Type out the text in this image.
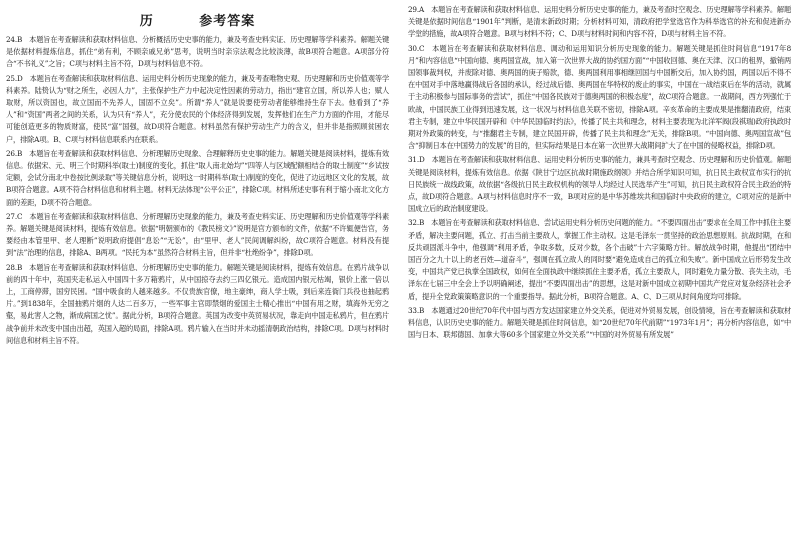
历	参考答案

24.B　本题旨在考查解读和获取材料信息、分析概括历史史事的能力，兼及考查史料实证、历史理解等学科素养。解题关键是依据材料提炼信息，抓住“弟有利，不顾亲戚兄弟”思考，说明当时亲宗法观念比较淡薄，故B项符合题意。A项部分符合“不书礼义”之旨；C项与材料主旨不符，D项与材料信息不符。

25.D　本题旨在考查解读和获取材料信息、运用史料分析历史现象的能力，兼及考查唯物史观、历史理解和历史价值观等学科素养。陆贽认为“财之所生，必因人力”，主张保护生产力中起决定性因素的劳动力，指出“建官立国，所以养人也；赋人取财，所以资国也，故立国而不先养人，国固不立矣”。所谓“养人”就是说要使劳动者能够维持生存下去。他看到了“养人”和“资国”两者之间的关系，认为只有“养人”，充分使农民的个体经济得到发展，发挥他们在生产力方面的作用，才能尽可能创造更多的物质财富，使民“富”国强，故D项符合题意。材料虽然有保护劳动生产力的含义，但并非是指照顾贫困农户，排除A项。B、C项与材料信息联系内在联系。

26.B　本题旨在考查解读和获取材料信息、分析理解历史现象、合理解释历史史事的能力。解题关键是阅读材料，提炼有效信息。依据宋、元、明三个时期科举(取士)制度的变化，抓住“取人南北始均”“四等人与区域配额相结合的取士制度”“乡试按定额，会试分南北中卷按比例录取”等关键信息分析，说明这一时期科举(取士)制度的变化，促进了边远地区文化的发展，故B项符合题意。A项不符合材料信息和材料主题。材料无法体现“公平公正”，排除C项。材料所述史事有利于缩小南北文化方面的差距，D项不符合题意。

27.C　本题旨在考查解读和获取材料信息、分析理解历史现象的能力，兼及考查史料实证、历史理解和历史价值观等学科素养。解题关键是阅读材料，提炼有效信息。依据“明朝颁布的《教民榜文》”说明是官方颁布的文件，依据“不许辄便告官，务要经由本管里甲、老人理断”说明政府提倡“息讼”“无讼”，由“里甲、老人”民间调解纠纷，故C项符合题意。材料没有提到“法”治理的信息，排除A、B两项。“民托为本”虽然符合材料主旨，但并非“杜绝纷争”，排除D项。

28.B　本题旨在考查解读和获取材料信息、分析理解历史史事的能力。解题关键是阅读材料，提炼有效信息。在鸦片战争以前的四十年中，英国夹走私运入中国四十多万箱鸦片，从中国掠夺去约三四亿银元。造成国内银元枯竭，银价上涨一倍以上，工商停滞，国穷民困。“国中吸食的人越来越多。不仅贵族官僚，地主豪绅，商人学士吸，到后来连衙门兵役也抽起鸦片。”到1838年，全国抽鸦片烟的人达二百多万，一些军事主官即禁烟的爱国主士精心推出“中国有用之财，填海外无穷之壑，易此害人之物，渐成病国之忧”。据此分析，B项符合题意。英国为改变中英贸易状况，靠走向中国走私鸦片，但在鸦片战争前并未改变中国由出超，英国入超的局面，排除A项。鸦片输入在当时并未动摇清朝政治结构，排除C项。D项与材料时间信息和材料主旨不符。

29.A　本题旨在考查解读和获取材料信息、运用史料分析历史史事的能力，兼及考查时空观念、历史理解等学科素养。解题关键是依据时间信息“1901年”判断，是清末新政时期；分析材料可知，清政府把学堂选官作为科举选官的补充和促进新办学堂的措施，故A项符合题意。B项与材料不符；C、D项与材料时间和内容不符，D项与材料主旨不符。

30.C　本题旨在考查解读和获取材料信息、调动和运用知识分析历史现象的能力。解题关键是抓住时间信息“1917年8月”和内容信息“中国向德、奥两国宣战，加入第一次世界大战的协约国方面”“中国收回德、奥在天津、汉口的租界，撤销两国领事裁判权，并废除对德、奥两国的庚子赔款，德、奥两国利用事相继回国与中国断交后，加入协约国，两国以后不得不在中国对手中落地赢得战后各国的承认，经过战后德、奥两国在华特权的废止的事实，中国在一战结束后在华的活动，就属于主动积极参与国际事务的尝试”，抓住“中国各民族对于德奥两国的积极态度”，故C项符合题意。一战期间，西方列强忙于欧战，中国民族工业得到迅速发展，这一状况与材料信息关联不密切，排除A项。辛亥革命的主要成果是推翻清政府，结束君主专制，建立中华民国开辟和《中华民国临时约法》，传播了民主共和理念，材料主要表现为北洋军阀(段祺瑞)政府执政时期对外政策的转变，与“推翻君主专制，建立民国开辟，传播了民主共和理念”无关，排除B项。“中国向德、奥两国宣战”包含“抑制日本在中国势力的发展”的目的，但实际结果是日本在第一次世界大战期间扩大了在中国的侵略权益，排除D项。

31.D　本题旨在考查解读和获取材料信息、运用史料分析历史事的能力，兼具考查时空观念、历史理解和历史价值观。解题关键是阅读材料，提炼有效信息。依据《陕甘宁边区抗战时期施政纲领》并结合所学知识可知，抗日民主政权宣布实行的抗日民族统一战线政策，故依据“各级抗日民主政权机构的领导人均经过人民选举产生”可知，抗日民主政权符合民主政治的特点，故D项符合题意。A项与材料信息时序不一致，B项对应的是中华苏维埃共和国临时中央政府的建立，C项对应的是新中国成立后的政治制度建设。

32.B　本题旨在考查解读和获取材料信息、尝试运用史料分析历史问题的能力。“不要四面出击”要求在全局工作中抓住主要矛盾，解决主要问题，孤立、打击当前主要敌人，掌握工作主动权。这是毛泽东一贯坚持的政治思想原则。抗战时期，在和反共顽固派斗争中，他强调“利用矛盾，争取多数，反对少数，各个击破”十六字策略方针。解放战争时期，他提出“团结中国百分之九十以上的老百姓—道奋斗”，强调在孤立敌人的同时要“避免造成自己的孤立和失败”。新中国成立后形势发生改变，中国共产党已执掌全国政权，如何在全面执政中继续抓住主要矛盾，孤立主要敌人，同时避免力量分散、丧失主动，毛泽东在七届三中全会上予以明确阐述，提出“不要四面出击”的思想，这是对新中国成立初期中国共产党应对复杂经济社会矛盾，提升全党政策策略意识的一个重要指导。据此分析，B项符合题意。A、C、D三项从时间角度均可排除。

33.B　本题通过20世纪70年代中国与西方发达国家建立外交关系，促进对外贸易发展，创设情境，旨在考查解读和获取材料信息，认识历史史事的能力。解题关键是抓住时间信息，如“20世纪70年代前期”“1973年1月”；再分析内容信息，如“中国与日本、联邦德国、加拿大等60多个国家建立外交关系”“中国的对外贸易有所发展”
